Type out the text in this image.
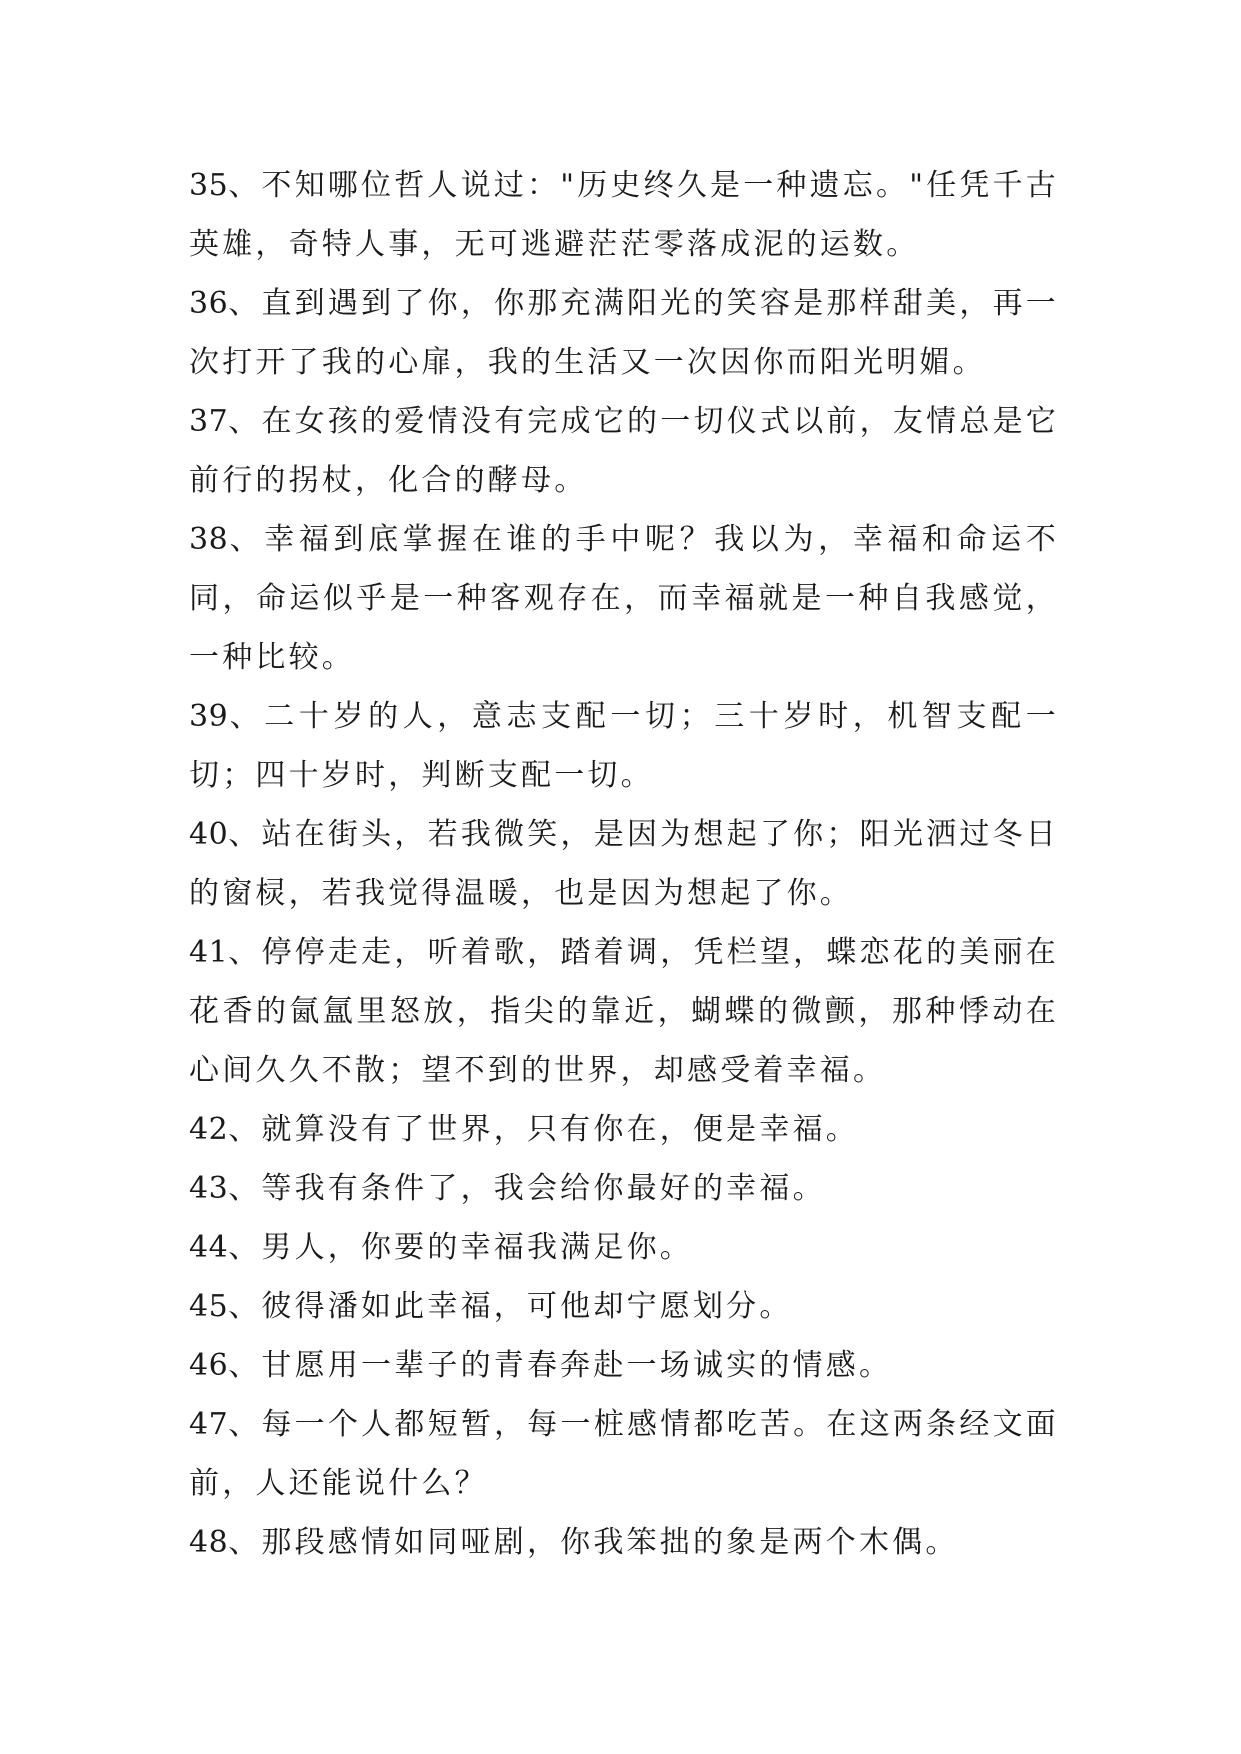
35、不知哪位哲人说过："历史终久是一种遗忘。"任凭千古英雄，奇特人事，无可逃避茫茫零落成泥的运数。

36、直到遇到了你，你那充满阳光的笑容是那样甜美，再一次打开了我的心扉，我的生活又一次因你而阳光明媚。

37、在女孩的爱情没有完成它的一切仪式以前，友情总是它前行的拐杖，化合的酵母。

38、幸福到底掌握在谁的手中呢？我以为，幸福和命运不同，命运似乎是一种客观存在，而幸福就是一种自我感觉，一种比较。

39、二十岁的人，意志支配一切；三十岁时，机智支配一切；四十岁时，判断支配一切。

40、站在街头，若我微笑，是因为想起了你；阳光洒过冬日的窗棂，若我觉得温暖，也是因为想起了你。

41、停停走走，听着歌，踏着调，凭栏望，蝶恋花的美丽在花香的氤氲里怒放，指尖的靠近，蝴蝶的微颤，那种悸动在心间久久不散；望不到的世界，却感受着幸福。

42、就算没有了世界，只有你在，便是幸福。

43、等我有条件了，我会给你最好的幸福。

44、男人，你要的幸福我满足你。

45、彼得潘如此幸福，可他却宁愿划分。

46、甘愿用一辈子的青春奔赴一场诚实的情感。

47、每一个人都短暂，每一桩感情都吃苦。在这两条经文面前，人还能说什么？

48、那段感情如同哑剧，你我笨拙的象是两个木偶。
